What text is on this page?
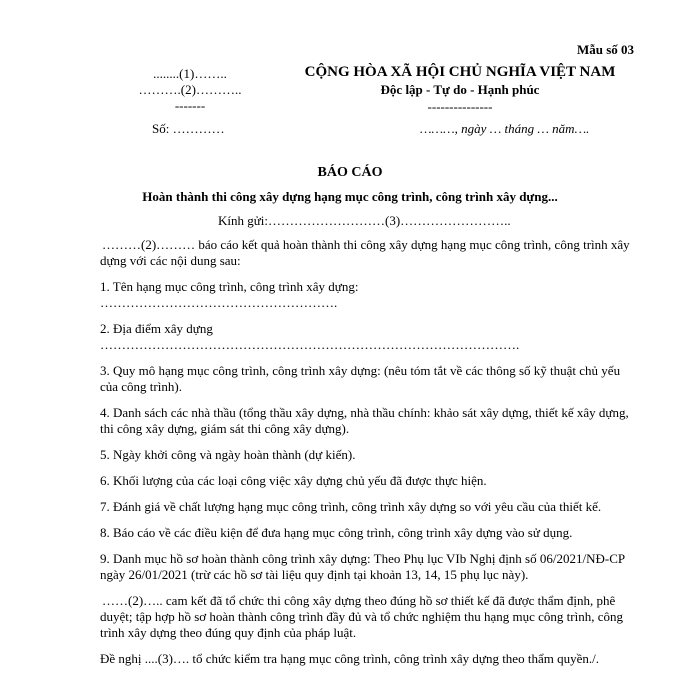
Mẫu số 03
........(1)……..
……….(2)………..
-------
CỘNG HÒA XÃ HỘI CHỦ NGHĨA VIỆT NAM
Độc lập - Tự do - Hạnh phúc
---------------
Số: …………	………, ngày … tháng … năm….
BÁO CÁO
Hoàn thành thi công xây dựng hạng mục công trình, công trình xây dựng...
Kính gửi:………………………(3)……………………..

………(2)……… báo cáo kết quả hoàn thành thi công xây dựng hạng mục công trình, công trình xây dựng với các nội dung sau:

1. Tên hạng mục công trình, công trình xây dựng:

……………………………………………….

2. Địa điểm xây dựng

…………………………………………………………………………………….

3. Quy mô hạng mục công trình, công trình xây dựng: (nêu tóm tắt về các thông số kỹ thuật chủ yếu của công trình).

4. Danh sách các nhà thầu (tổng thầu xây dựng, nhà thầu chính: khảo sát xây dựng, thiết kế xây dựng, thi công xây dựng, giám sát thi công xây dựng).

5. Ngày khởi công và ngày hoàn thành (dự kiến).

6. Khối lượng của các loại công việc xây dựng chủ yếu đã được thực hiện.

7. Đánh giá về chất lượng hạng mục công trình, công trình xây dựng so với yêu cầu của thiết kế.

8. Báo cáo về các điều kiện để đưa hạng mục công trình, công trình xây dựng vào sử dụng.

9. Danh mục hồ sơ hoàn thành công trình xây dựng: Theo Phụ lục VIb Nghị định số 06/2021/NĐ-CP ngày 26/01/2021 (trừ các hồ sơ tài liệu quy định tại khoản 13, 14, 15 phụ lục này).

……(2)….. cam kết đã tổ chức thi công xây dựng theo đúng hồ sơ thiết kế đã được thẩm định, phê duyệt; tập hợp hồ sơ hoàn thành công trình đầy đủ và tổ chức nghiệm thu hạng mục công trình, công trình xây dựng theo đúng quy định của pháp luật.

Đề nghị ....(3)…. tổ chức kiểm tra hạng mục công trình, công trình xây dựng theo thẩm quyền./.
